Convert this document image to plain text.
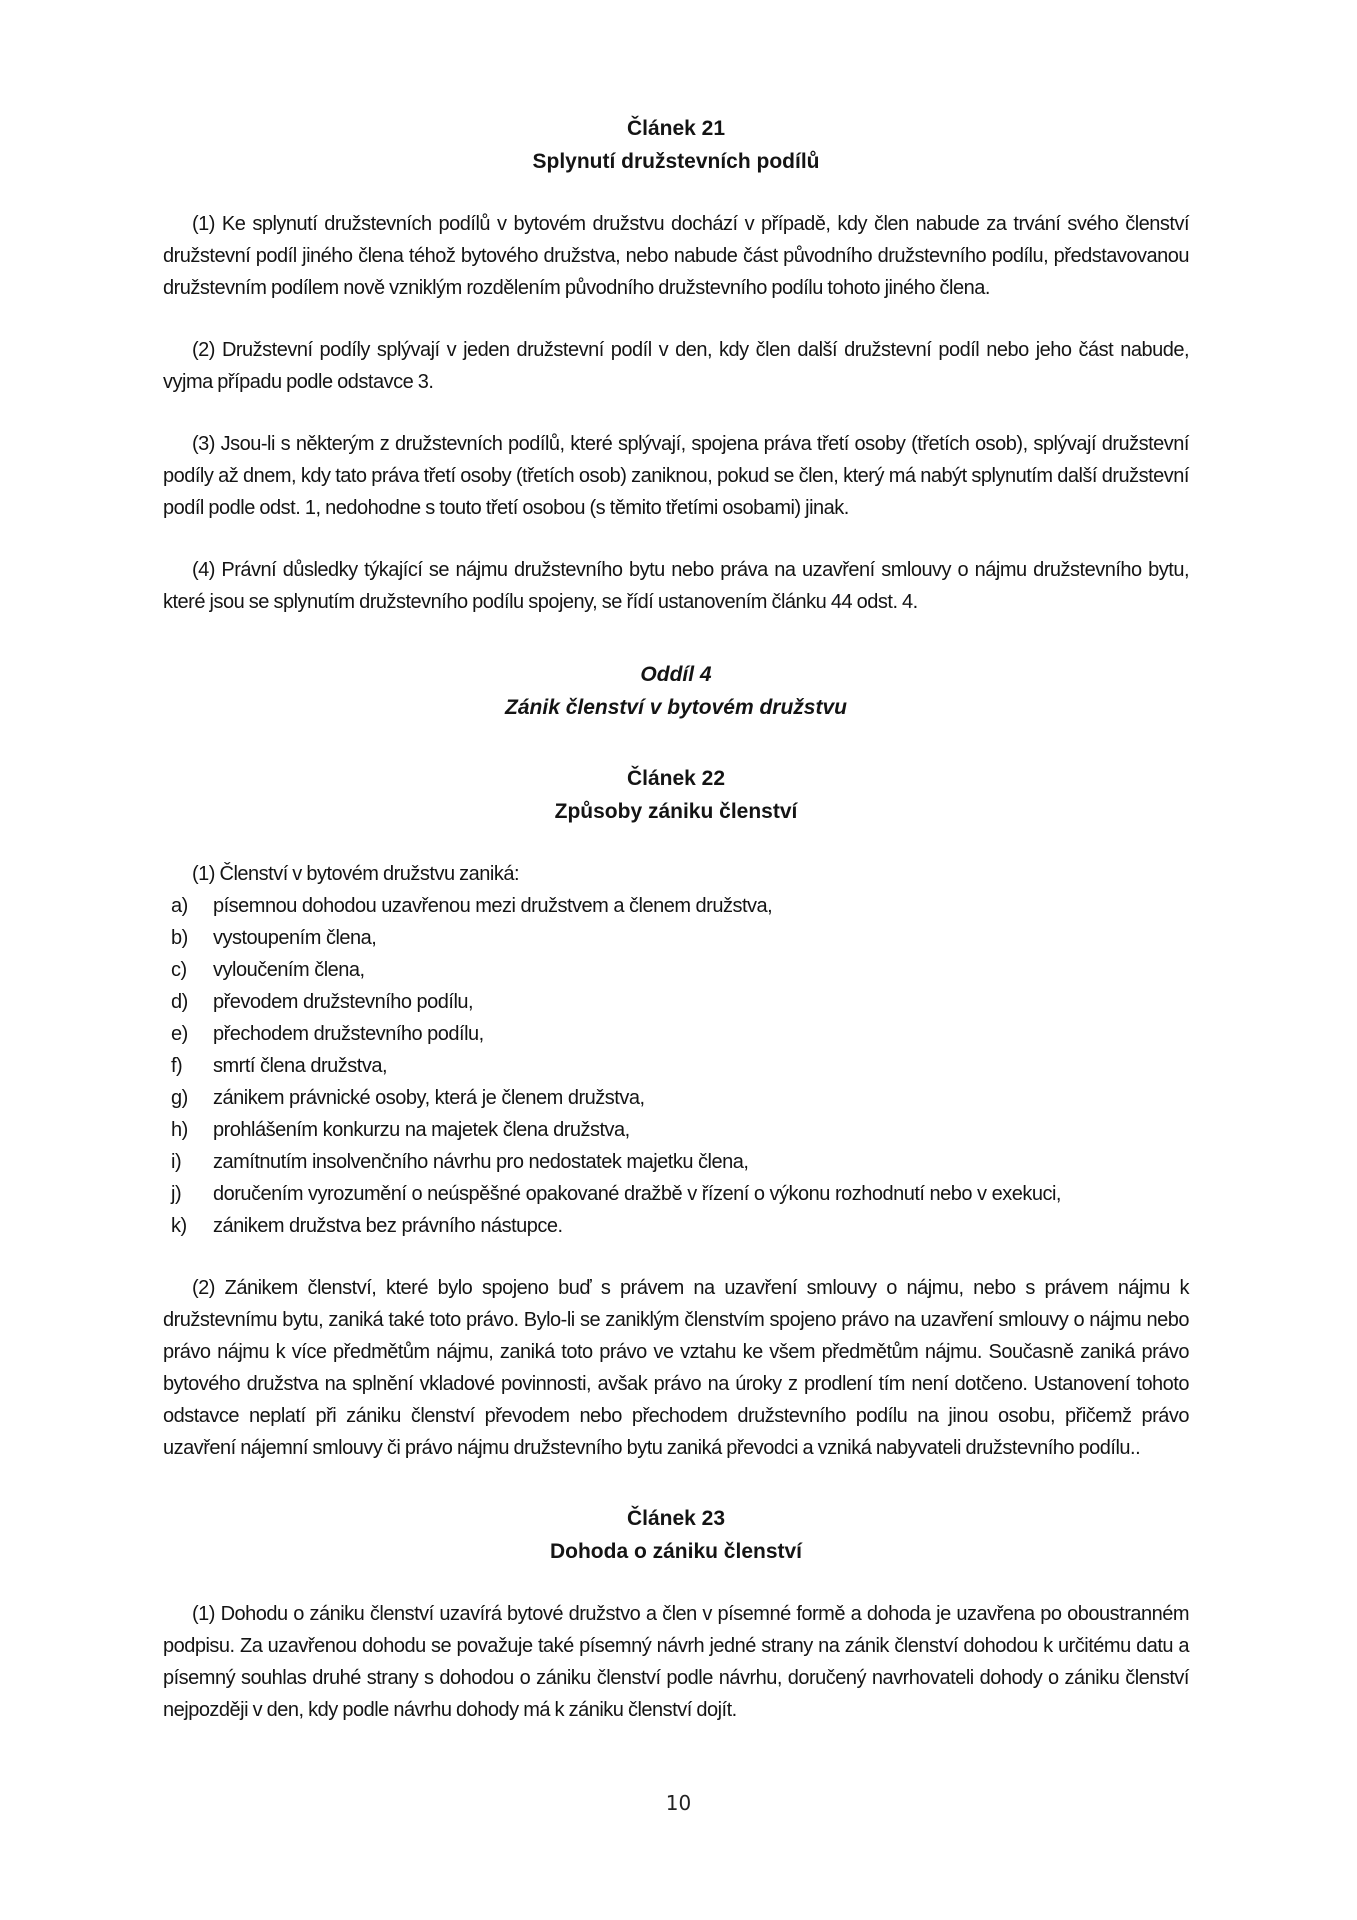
Článek 21
Splynutí družstevních podílů

(1) Ke splynutí družstevních podílů v bytovém družstvu dochází v případě, kdy člen nabude za trvání svého členství družstevní podíl jiného člena téhož bytového družstva, nebo nabude část původního družstevního podílu, představovanou družstevním podílem nově vzniklým rozdělením původního družstevního podílu tohoto jiného člena.

(2) Družstevní podíly splývají v jeden družstevní podíl v den, kdy člen další družstevní podíl nebo jeho část nabude, vyjma případu podle odstavce 3.

(3) Jsou-li s některým z družstevních podílů, které splývají, spojena práva třetí osoby (třetích osob), splývají družstevní podíly až dnem, kdy tato práva třetí osoby (třetích osob) zaniknou, pokud se člen, který má nabýt splynutím další družstevní podíl podle odst. 1, nedohodne s touto třetí osobou (s těmito třetími osobami) jinak.

(4) Právní důsledky týkající se nájmu družstevního bytu nebo práva na uzavření smlouvy o nájmu družstevního bytu, které jsou se splynutím družstevního podílu spojeny, se řídí ustanovením článku 44 odst. 4.

Oddíl 4
Zánik členství v bytovém družstvu
Článek 22
Způsoby zániku členství

(1) Členství v bytovém družstvu zaniká:

a) písemnou dohodou uzavřenou mezi družstvem a členem družstva,
b) vystoupením člena,
c) vyloučením člena,
d) převodem družstevního podílu,
e) přechodem družstevního podílu,
f) smrtí člena družstva,
g) zánikem právnické osoby, která je členem družstva,
h) prohlášením konkurzu na majetek člena družstva,
i) zamítnutím insolvenčního návrhu pro nedostatek majetku člena,
j) doručením vyrozumění o neúspěšné opakované dražbě v řízení o výkonu rozhodnutí nebo v exekuci,
k) zánikem družstva bez právního nástupce.

(2) Zánikem členství, které bylo spojeno buď s právem na uzavření smlouvy o nájmu, nebo s právem nájmu k družstevnímu bytu, zaniká také toto právo. Bylo-li se zaniklým členstvím spojeno právo na uzavření smlouvy o nájmu nebo právo nájmu k více předmětům nájmu, zaniká toto právo ve vztahu ke všem předmětům nájmu. Současně zaniká právo bytového družstva na splnění vkladové povinnosti, avšak právo na úroky z prodlení tím není dotčeno. Ustanovení tohoto odstavce neplatí při zániku členství převodem nebo přechodem družstevního podílu na jinou osobu, přičemž právo uzavření nájemní smlouvy či právo nájmu družstevního bytu zaniká převodci a vzniká nabyvateli družstevního podílu..

Článek 23
Dohoda o zániku členství

(1) Dohodu o zániku členství uzavírá bytové družstvo a člen v písemné formě a dohoda je uzavřena po oboustranném podpisu. Za uzavřenou dohodu se považuje také písemný návrh jedné strany na zánik členství dohodou k určitému datu a písemný souhlas druhé strany s dohodou o zániku členství podle návrhu, doručený navrhovateli dohody o zániku členství nejpozději v den, kdy podle návrhu dohody má k zániku členství dojít.

10
